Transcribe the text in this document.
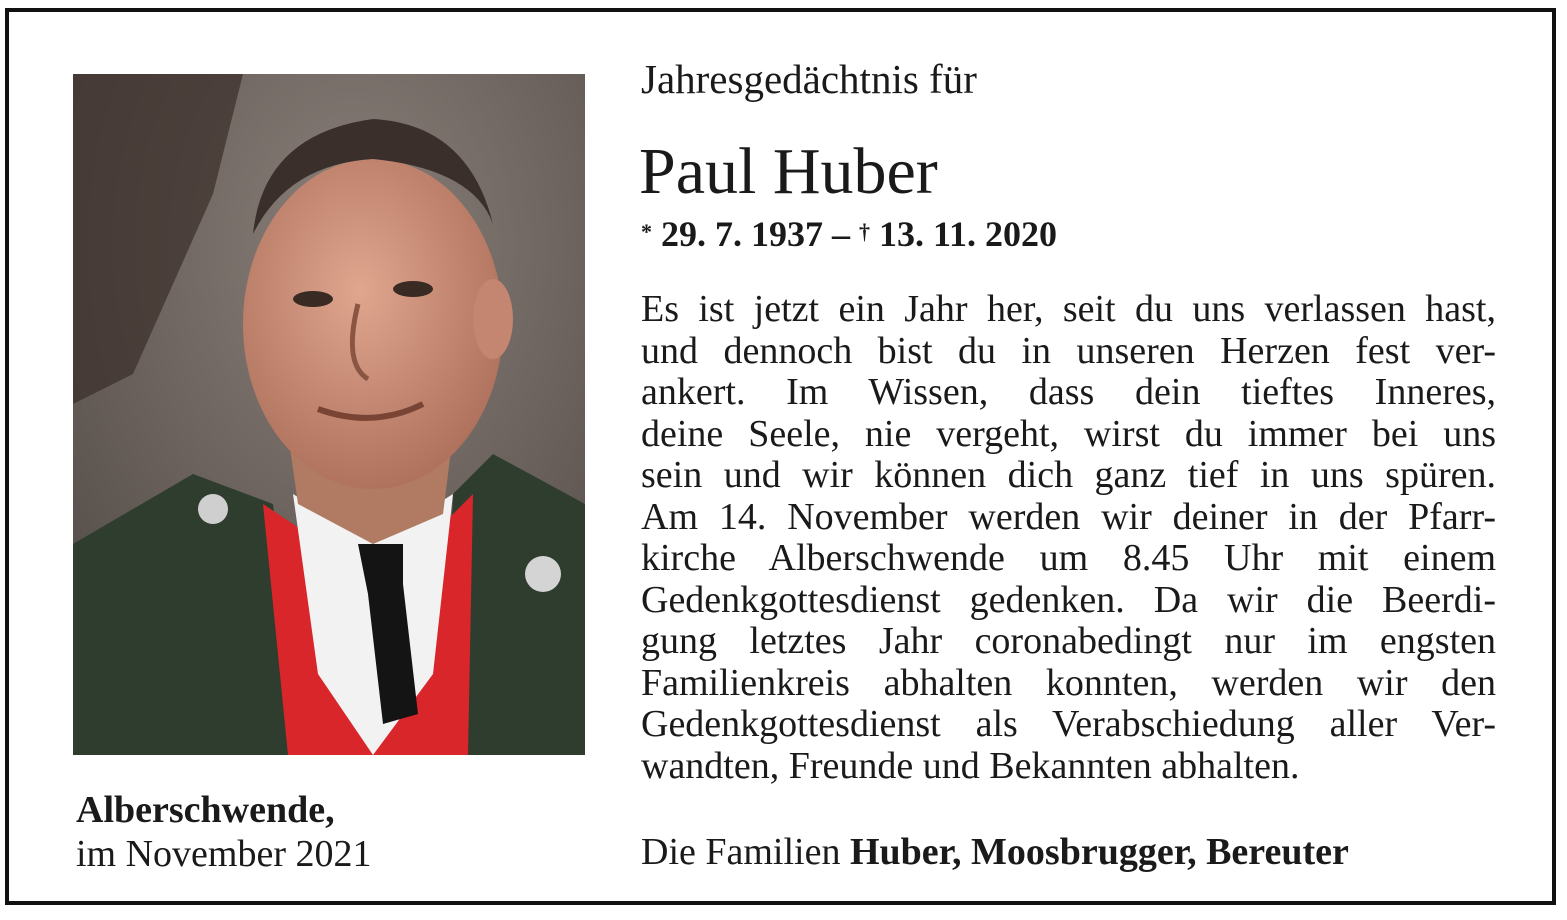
Alberschwende,
im November 2021
Jahresgedächtnis für
Paul Huber
* 29. 7. 1937 – † 13. 11. 2020
Es ist jetzt ein Jahr her, seit du uns verlassen hast,
und dennoch bist du in unseren Herzen fest ver-
ankert. Im Wissen, dass dein tieftes Inneres,
deine Seele, nie vergeht, wirst du immer bei uns
sein und wir können dich ganz tief in uns spüren.
Am 14. November werden wir deiner in der Pfarr-
kirche Alberschwende um 8.45 Uhr mit einem
Gedenkgottesdienst gedenken. Da wir die Beerdi-
gung letztes Jahr coronabedingt nur im engsten
Familienkreis abhalten konnten, werden wir den
Gedenkgottesdienst als Verabschiedung aller Ver-
wandten, Freunde und Bekannten abhalten.
Die Familien Huber, Moosbrugger, Bereuter
